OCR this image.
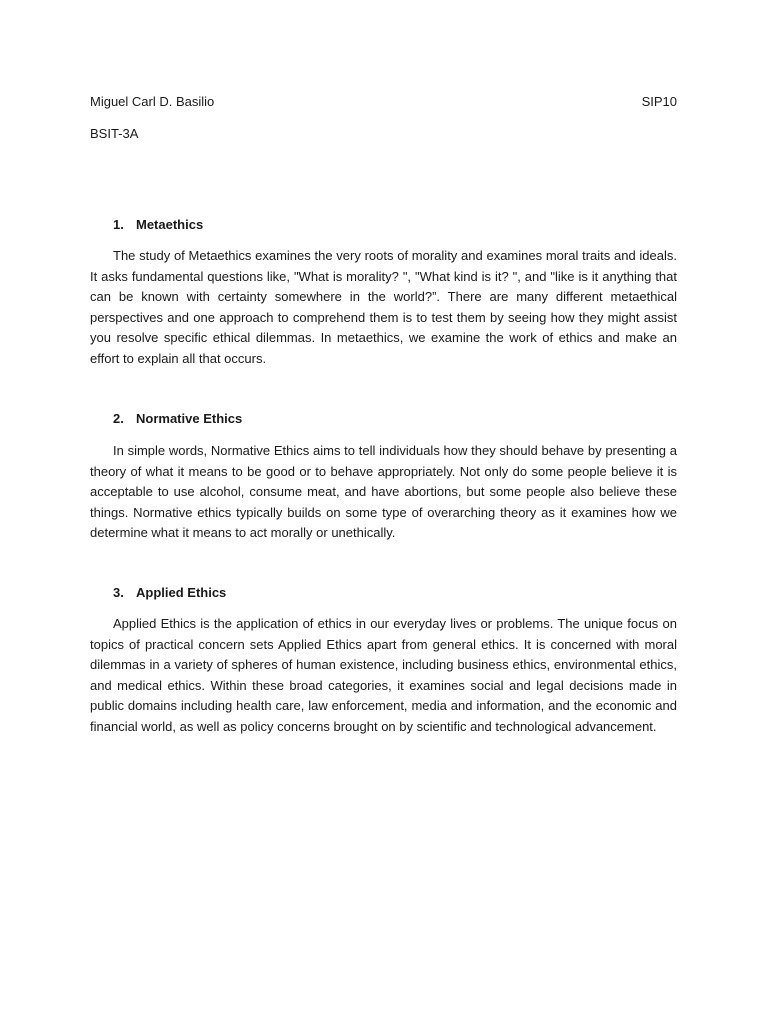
Miguel Carl D. Basilio	SIP10
BSIT-3A
1. Metaethics

The study of Metaethics examines the very roots of morality and examines moral traits and ideals. It asks fundamental questions like, "What is morality? ", "What kind is it? ", and "like is it anything that can be known with certainty somewhere in the world?”. There are many different metaethical perspectives and one approach to comprehend them is to test them by seeing how they might assist you resolve specific ethical dilemmas. In metaethics, we examine the work of ethics and make an effort to explain all that occurs.

2. Normative Ethics

In simple words, Normative Ethics aims to tell individuals how they should behave by presenting a theory of what it means to be good or to behave appropriately. Not only do some people believe it is acceptable to use alcohol, consume meat, and have abortions, but some people also believe these things. Normative ethics typically builds on some type of overarching theory as it examines how we determine what it means to act morally or unethically.

3. Applied Ethics

Applied Ethics is the application of ethics in our everyday lives or problems. The unique focus on topics of practical concern sets Applied Ethics apart from general ethics. It is concerned with moral dilemmas in a variety of spheres of human existence, including business ethics, environmental ethics, and medical ethics. Within these broad categories, it examines social and legal decisions made in public domains including health care, law enforcement, media and information, and the economic and financial world, as well as policy concerns brought on by scientific and technological advancement.
